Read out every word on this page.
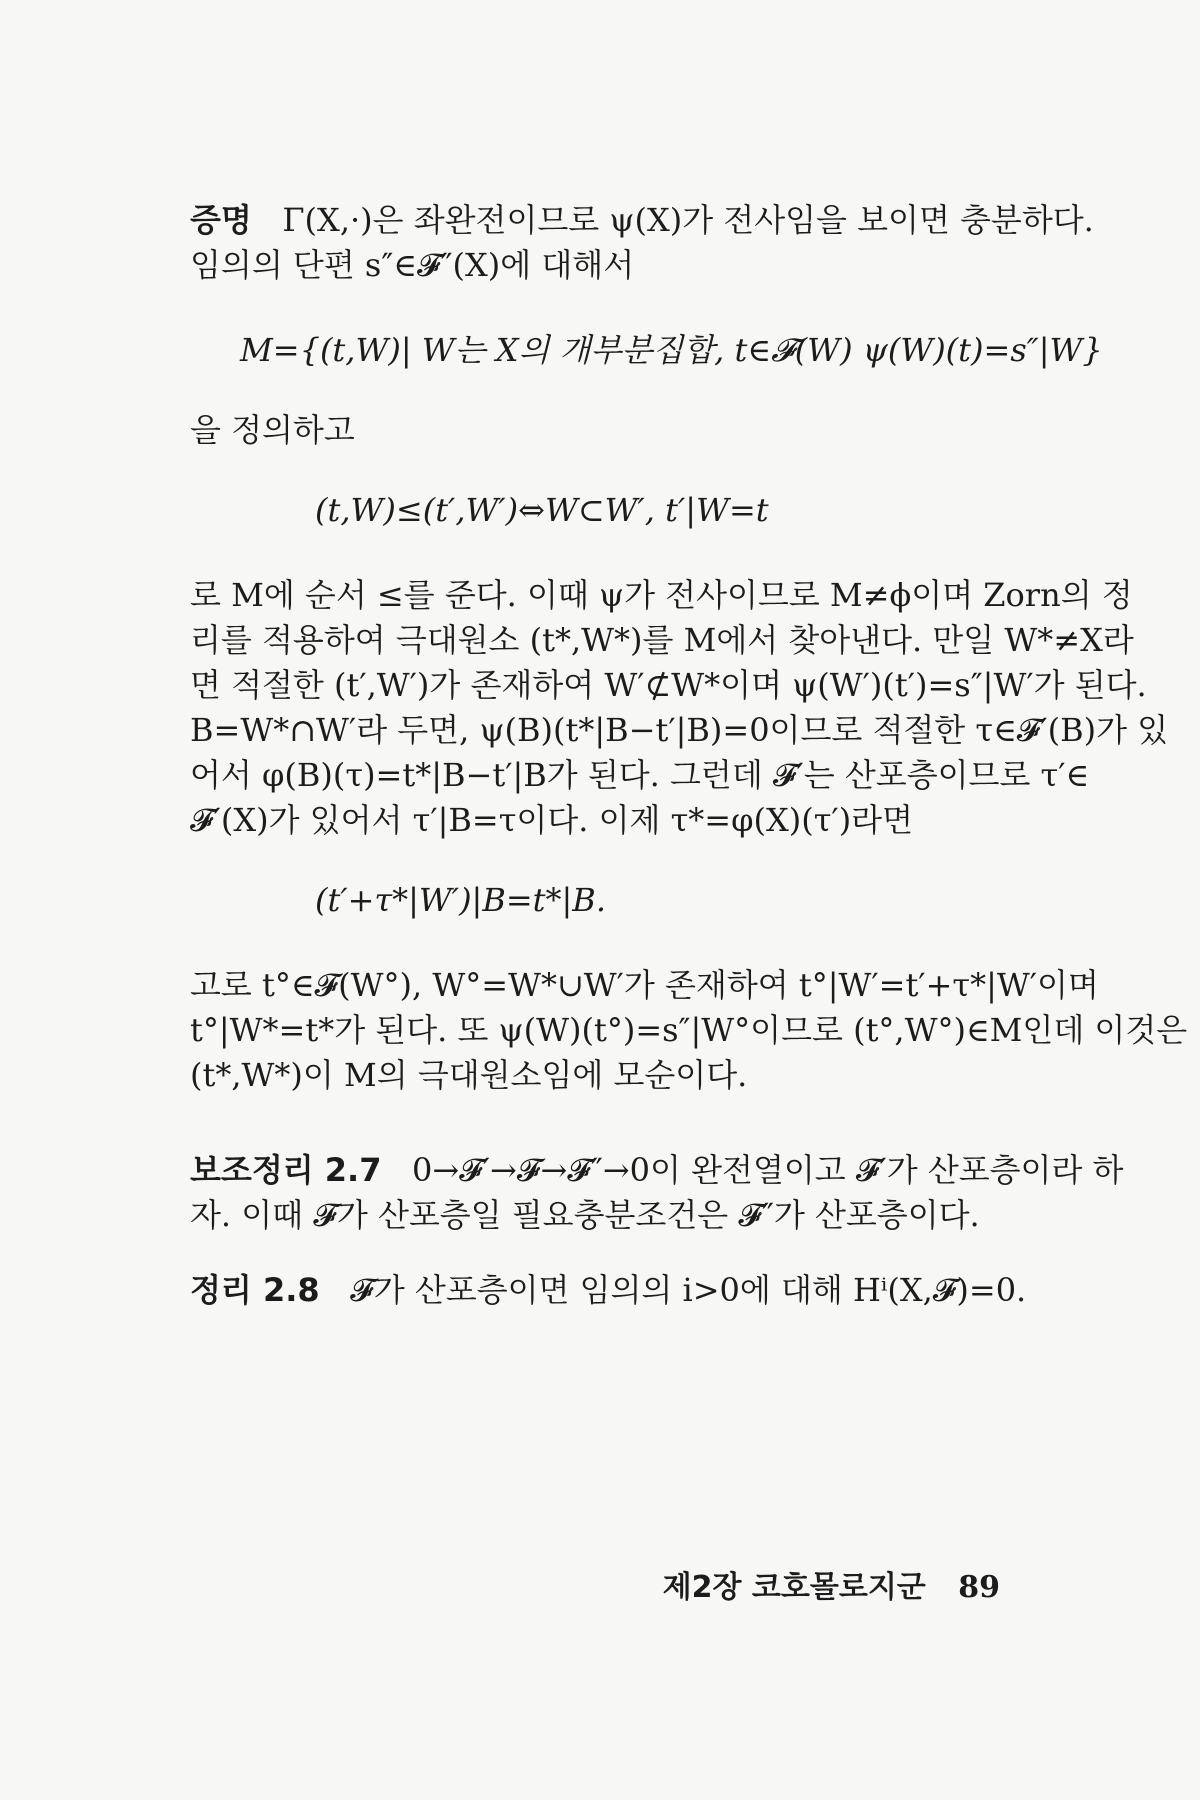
증명 Γ(X,·)은 좌완전이므로 ψ(X)가 전사임을 보이면 충분하다.
임의의 단편 s″∈𝓕″(X)에 대해서
M={(t,W)| W는 X의 개부분집합, t∈𝓕(W) ψ(W)(t)=s″|W}
을 정의하고
(t,W)≤(t′,W′)⇔W⊂W′, t′|W=t
로 M에 순서 ≤를 준다. 이때 ψ가 전사이므로 M≠ϕ이며 Zorn의 정
리를 적용하여 극대원소 (t*,W*)를 M에서 찾아낸다. 만일 W*≠X라
면 적절한 (t′,W′)가 존재하여 W′⊄W*이며 ψ(W′)(t′)=s″|W′가 된다.
B=W*∩W′라 두면, ψ(B)(t*|B−t′|B)=0이므로 적절한 τ∈𝓕′(B)가 있
어서 φ(B)(τ)=t*|B−t′|B가 된다. 그런데 𝓕′는 산포층이므로 τ′∈
𝓕′(X)가 있어서 τ′|B=τ이다. 이제 τ*=φ(X)(τ′)라면
(t′+τ*|W′)|B=t*|B.
고로 t°∈𝓕(W°), W°=W*∪W′가 존재하여 t°|W′=t′+τ*|W′이며
t°|W*=t*가 된다. 또 ψ(W)(t°)=s″|W°이므로 (t°,W°)∈M인데 이것은
(t*,W*)이 M의 극대원소임에 모순이다.
보조정리 2.7 0→𝓕′→𝓕→𝓕″→0이 완전열이고 𝓕′가 산포층이라 하
자. 이때 𝓕가 산포층일 필요충분조건은 𝓕″가 산포층이다.
정리 2.8 𝓕가 산포층이면 임의의 i>0에 대해 Hⁱ(X,𝓕)=0.
제2장 코호몰로지군 89
